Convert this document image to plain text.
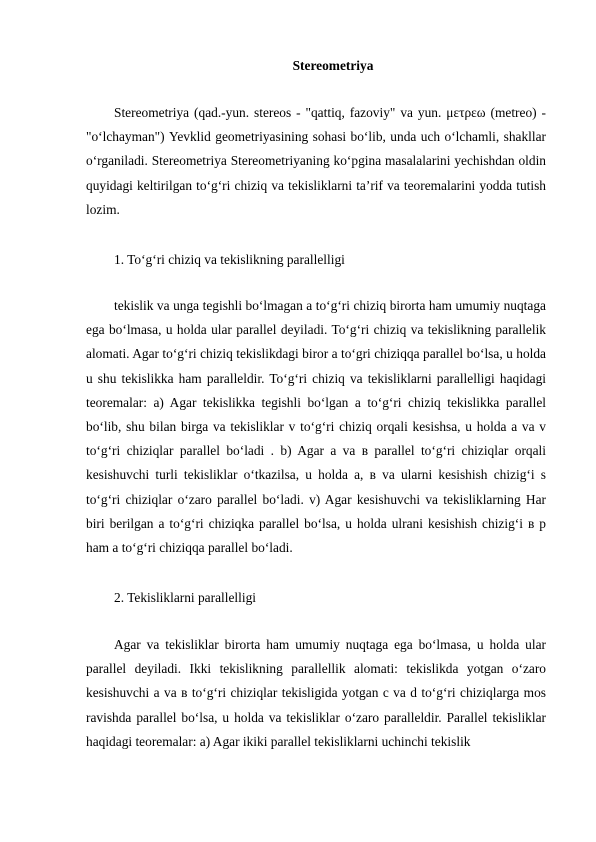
Stereometriya

Stereometriya (qad.-yun. stereos - "qattiq, fazoviy" va yun. μετρεω (metreo) - "o‘lchayman") Yevklid geometriyasining sohasi bo‘lib, unda uch o‘lchamli, shakllar o‘rganiladi. Stereometriya Stereometriyaning ko‘pgina masalalarini yechishdan oldin quyidagi keltirilgan to‘g‘ri chiziq va tekisliklarni ta’rif va teoremalarini yodda tutish lozim.

1. To‘g‘ri chiziq va tekislikning parallelligi

tekislik va unga tegishli bo‘lmagan a to‘g‘ri chiziq birorta ham umumiy nuqtaga ega bo‘lmasa, u holda ular parallel deyiladi. To‘g‘ri chiziq va tekislikning parallelik alomati. Agar to‘g‘ri chiziq tekislikdagi biror a to‘gri chiziqqa parallel bo‘lsa, u holda u shu tekislikka ham paralleldir. To‘g‘ri chiziq va tekisliklarni parallelligi haqidagi teoremalar: a) Agar tekislikka tegishli bo‘lgan a to‘g‘ri chiziq tekislikka parallel bo‘lib, shu bilan birga va tekisliklar v to‘g‘ri chiziq orqali kesishsa, u holda a va v to‘g‘ri chiziqlar parallel bo‘ladi . b) Agar a va в parallel to‘g‘ri chiziqlar orqali kesishuvchi turli tekisliklar o‘tkazilsa, u holda a, в va ularni kesishish chizig‘i s to‘g‘ri chiziqlar o‘zaro parallel bo‘ladi. v) Agar kesishuvchi va tekisliklarning Har biri berilgan a to‘g‘ri chiziqka parallel bo‘lsa, u holda ulrani kesishish chizig‘i в p ham a to‘g‘ri chiziqqa parallel bo‘ladi.

2. Tekisliklarni parallelligi

Agar va tekisliklar birorta ham umumiy nuqtaga ega bo‘lmasa, u holda ular parallel deyiladi. Ikki tekislikning parallellik alomati: tekislikda yotgan o‘zaro kesishuvchi a va в to‘g‘ri chiziqlar tekisligida yotgan c va d to‘g‘ri chiziqlarga mos ravishda parallel bo‘lsa, u holda va tekisliklar o‘zaro paralleldir. Parallel tekisliklar haqidagi teoremalar: a) Agar ikiki parallel tekisliklarni uchinchi tekislik
